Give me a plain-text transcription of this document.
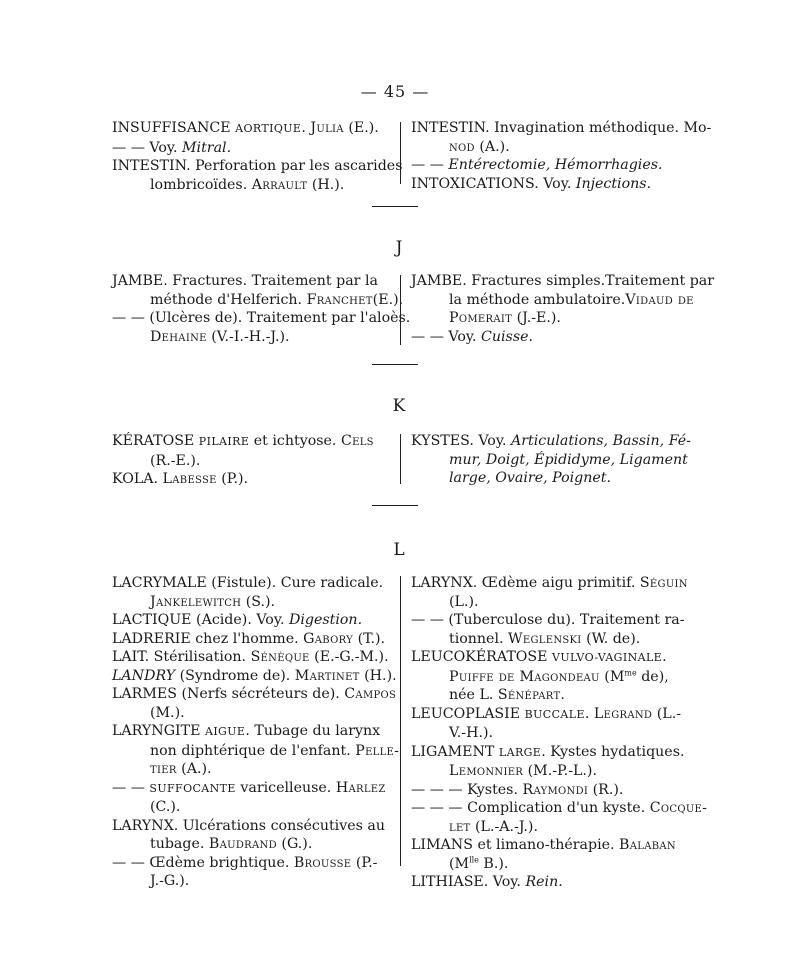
— 45 —
INSUFFISANCE AORTIQUE. Julia (E.).
— — Voy. Mitral.
INTESTIN. Perforation par les ascarides
lombricoïdes. Arrault (H.).
INTESTIN. Invagination méthodique. Mo-
nod (A.).
— — Entérectomie, Hémorrhagies.
INTOXICATIONS. Voy. Injections.
J
JAMBE. Fractures. Traitement par la
méthode d'Helferich. Franchet(E.).
— — (Ulcères de). Traitement par l'aloès.
Dehaine (V.-I.-H.-J.).
JAMBE. Fractures simples.Traitement par
la méthode ambulatoire.Vidaud de
Pomerait (J.-E.).
— — Voy. Cuisse.
K
KÉRATOSE PILAIRE et ichtyose. Cels
(R.-E.).
KOLA. Labesse (P.).
KYSTES. Voy. Articulations, Bassin, Fé-
mur, Doigt, Épididyme, Ligament
large, Ovaire, Poignet.
L
LACRYMALE (Fistule). Cure radicale.
Jankelewitch (S.).
LACTIQUE (Acide). Voy. Digestion.
LADRERIE chez l'homme. Gabory (T.).
LAIT. Stérilisation. Sénèque (E.-G.-M.).
LANDRY (Syndrome de). Martinet (H.).
LARMES (Nerfs sécréteurs de). Campos
(M.).
LARYNGITE AIGUE. Tubage du larynx
non diphtérique de l'enfant. Pelle-
tier (A.).
— — SUFFOCANTE varicelleuse. Harlez
(C.).
LARYNX. Ulcérations consécutives au
tubage. Baudrand (G.).
— — Œdème brightique. Brousse (P.-
J.-G.).
LARYNX. Œdème aigu primitif. Séguin
(L.).
— — (Tuberculose du). Traitement ra-
tionnel. Weglenski (W. de).
LEUCOKÉRATOSE VULVO-VAGINALE.
Puiffe de Magondeau ($M^{me}$ de),
née L. Sénépart.
LEUCOPLASIE BUCCALE. Legrand (L.-
V.-H.).
LIGAMENT LARGE. Kystes hydatiques.
Lemonnier (M.-P.-L.).
— — — Kystes. Raymondi (R.).
— — — Complication d'un kyste. Cocque-
let (L.-A.-J.).
LIMANS et limano-thérapie. Balaban
($M^{lle}$ B.).
LITHIASE. Voy. Rein.
